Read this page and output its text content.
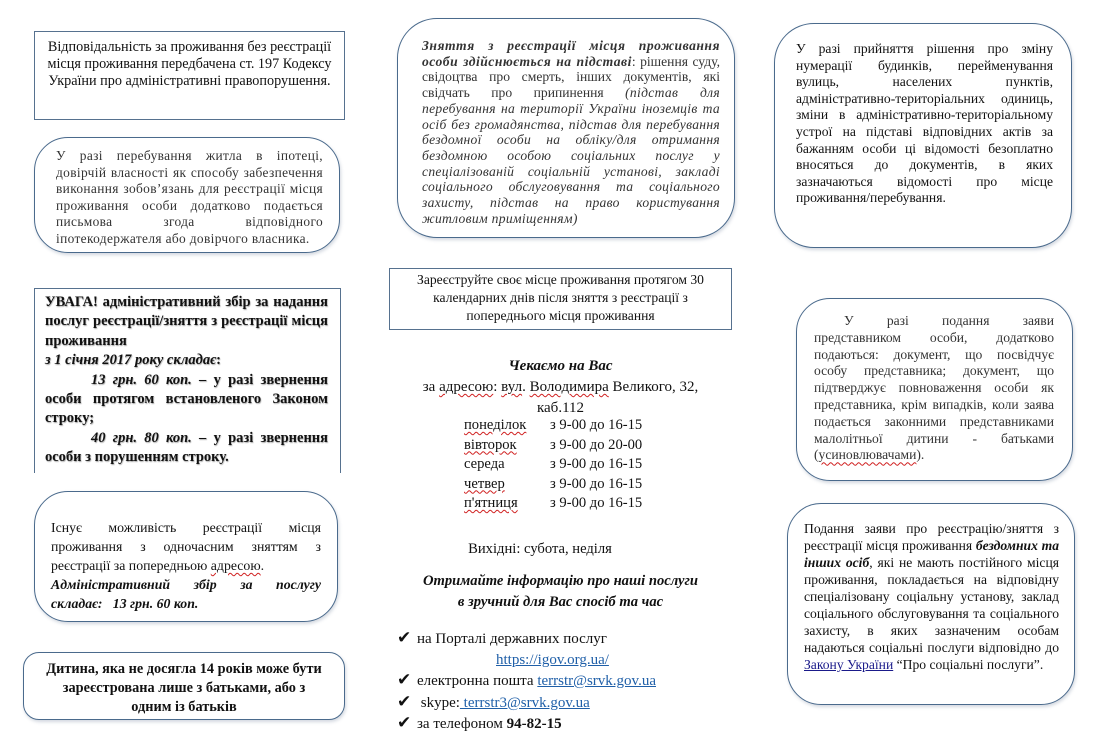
Відповідальність за проживання без реєстрації місця проживання передбачена ст. 197 Кодексу України про адміністративні правопорушення.
У разі перебування житла в іпотеці, довірчій власності як способу забезпечення виконання зобов’язань для реєстрації місця проживання особи додатково подається письмова згода відповідного іпотекодержателя або довірчого власника.
УВАГА! адміністративний збір за надання послуг реєстрації/зняття з реєстрації місця проживання
з 1 січня 2017 року складає:
13 грн. 60 коп. – у разі звернення особи протягом встановленого Законом строку;
40 грн. 80 коп. – у разі звернення особи з порушенням строку.
Існує можливість реєстрації місця проживання з одночасним зняттям з реєстрації за попередньою адресою.
Адміністративний збір за послугу складає: 13 грн. 60 коп.
Дитина, яка не досягла 14 років може бути зареєстрована лише з батьками, або з одним із батьків
Зняття з реєстрації місця проживання особи здійснюється на підставі: рішення суду, свідоцтва про смерть, інших документів, які свідчать про припинення (підстав для перебування на території України іноземців та осіб без громадянства, підстав для перебування бездомної особи на обліку/для отримання бездомною особою соціальних послуг у спеціалізованій соціальній установі, закладі соціального обслуговування та соціального захисту, підстав на право користування житловим приміщенням)
Зареєструйте своє місце проживання протягом 30 календарних днів після зняття з реєстрації з попереднього місця проживання
Чекаємо на Вас
за адресою: вул. Володимира Великого, 32,
каб.112
понеділок	з 9-00 до 16-15
вівторок	з 9-00 до 20-00
середа	з 9-00 до 16-15
четвер	з 9-00 до 16-15
п'ятниця	з 9-00 до 16-15
Вихідні: субота, неділя
Отримайте інформацію про наші послуги
в зручний для Вас спосіб та час
✔ на Порталі державних послуг
https://igov.org.ua/
✔ електронна пошта terrstr@srvk.gov.ua
✔ skype: terrstr3@srvk.gov.ua
✔ за телефоном 94-82-15
У разі прийняття рішення про зміну нумерації будинків, перейменування вулиць, населених пунктів, адміністративно-територіальних одиниць, зміни в адміністративно-територіальному устрої на підставі відповідних актів за бажанням особи ці відомості безоплатно вносяться до документів, в яких зазначаються відомості про місце проживання/перебування.
У разі подання заяви представником особи, додатково подаються: документ, що посвідчує особу представника; документ, що підтверджує повноваження особи як представника, крім випадків, коли заява подається законними представниками малолітньої дитини - батьками (усиновлювачами).
Подання заяви про реєстрацію/зняття з реєстрації місця проживання бездомних та інших осіб, які не мають постійного місця проживання, покладається на відповідну спеціалізовану соціальну установу, заклад соціального обслуговування та соціального захисту, в яких зазначеним особам надаються соціальні послуги відповідно до Закону України “Про соціальні послуги”.
